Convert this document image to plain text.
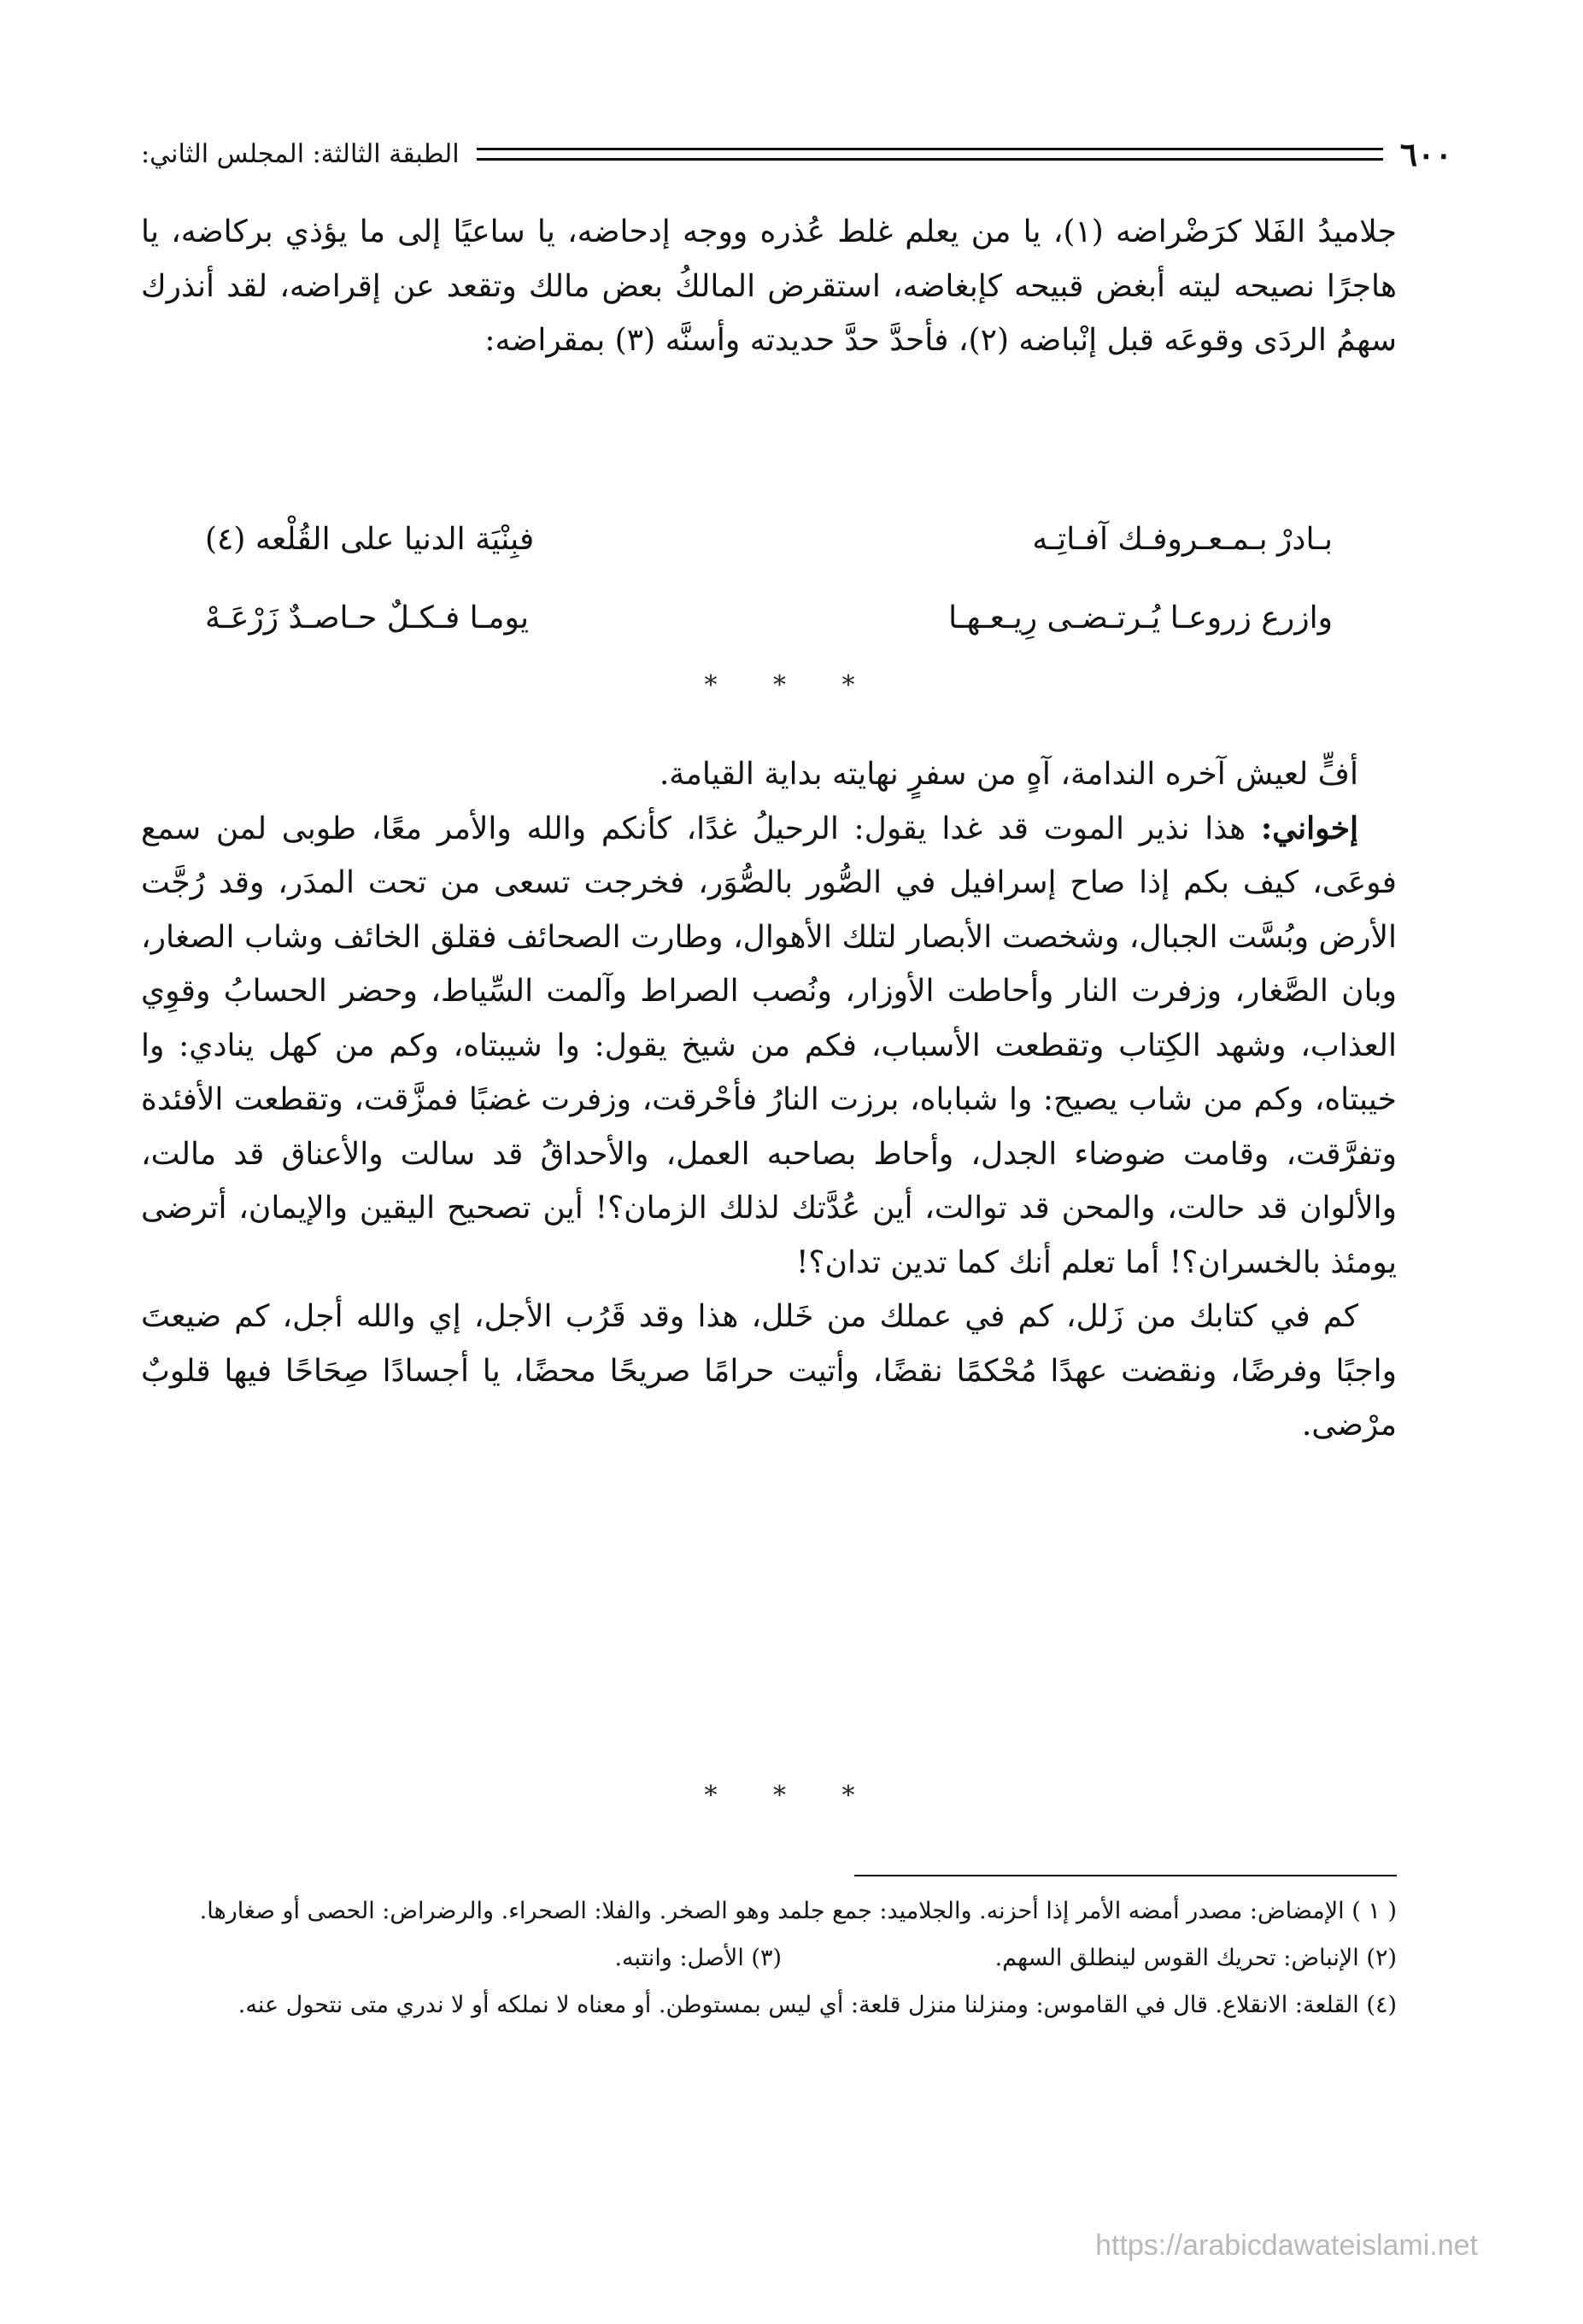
٦٠٠
الطبقة الثالثة: المجلس الثاني:

جلاميدُ الفَلا كرَضْراضه (١)، يا من يعلم غلط عُذره ووجه إدحاضه، يا ساعيًا إلى ما يؤذي بركاضه، يا هاجرًا نصيحه ليته أبغض قبيحه كإبغاضه، استقرض المالكُ بعض مالك وتقعد عن إقراضه، لقد أنذرك سهمُ الردَى وقوعَه قبل إنْباضه (٢)، فأحدَّ حدَّ حديدته وأسنَّه (٣) بمقراضه:

بـادرْ بـمـعـروفـك آفـاتِـه
فبِنْيَة الدنيا على القُلْعه (٤)
وازرع زروعـا يُـرتـضـى رِيـعـهـا
يومـا فـكـلٌ حـاصـدٌ زَرْعَـهْ
* * *

أفٍّ لعيش آخره الندامة، آهٍ من سفرٍ نهايته بداية القيامة.

إخواني: هذا نذير الموت قد غدا يقول: الرحيلُ غدًا، كأنكم والله والأمر معًا، طوبى لمن سمع فوعَى، كيف بكم إذا صاح إسرافيل في الصُّور بالصُّوَر، فخرجت تسعى من تحت المدَر، وقد رُجَّت الأرض وبُسَّت الجبال، وشخصت الأبصار لتلك الأهوال، وطارت الصحائف فقلق الخائف وشاب الصغار، وبان الصَّغار، وزفرت النار وأحاطت الأوزار، ونُصب الصراط وآلمت السِّياط، وحضر الحسابُ وقوِي العذاب، وشهد الكِتاب وتقطعت الأسباب، فكم من شيخ يقول: وا شيبتاه، وكم من كهل ينادي: وا خيبتاه، وكم من شاب يصيح: وا شباباه، برزت النارُ فأحْرقت، وزفرت غضبًا فمزَّقت، وتقطعت الأفئدة وتفرَّقت، وقامت ضوضاء الجدل، وأحاط بصاحبه العمل، والأحداقُ قد سالت والأعناق قد مالت، والألوان قد حالت، والمحن قد توالت، أين عُدَّتك لذلك الزمان؟! أين تصحيح اليقين والإيمان، أترضى يومئذ بالخسران؟! أما تعلم أنك كما تدين تدان؟!

كم في كتابك من زَلل، كم في عملك من خَلل، هذا وقد قَرُب الأجل، إي والله أجل، كم ضيعتَ واجبًا وفرضًا، ونقضت عهدًا مُحْكمًا نقضًا، وأتيت حرامًا صريحًا محضًا، يا أجسادًا صِحَاحًا فيها قلوبٌ مرْضى.

* * *

( ١ ) الإمضاض: مصدر أمضه الأمر إذا أحزنه. والجلاميد: جمع جلمد وهو الصخر. والفلا: الصحراء. والرضراض: الحصى أو صغارها.

(٢) الإنباض: تحريك القوس لينطلق السهم.
(٣) الأصل: وانتبه.

(٤) القلعة: الانقلاع. قال في القاموس: ومنزلنا منزل قلعة: أي ليس بمستوطن. أو معناه لا نملكه أو لا ندري متى نتحول عنه.

https://arabicdawateislami.net
